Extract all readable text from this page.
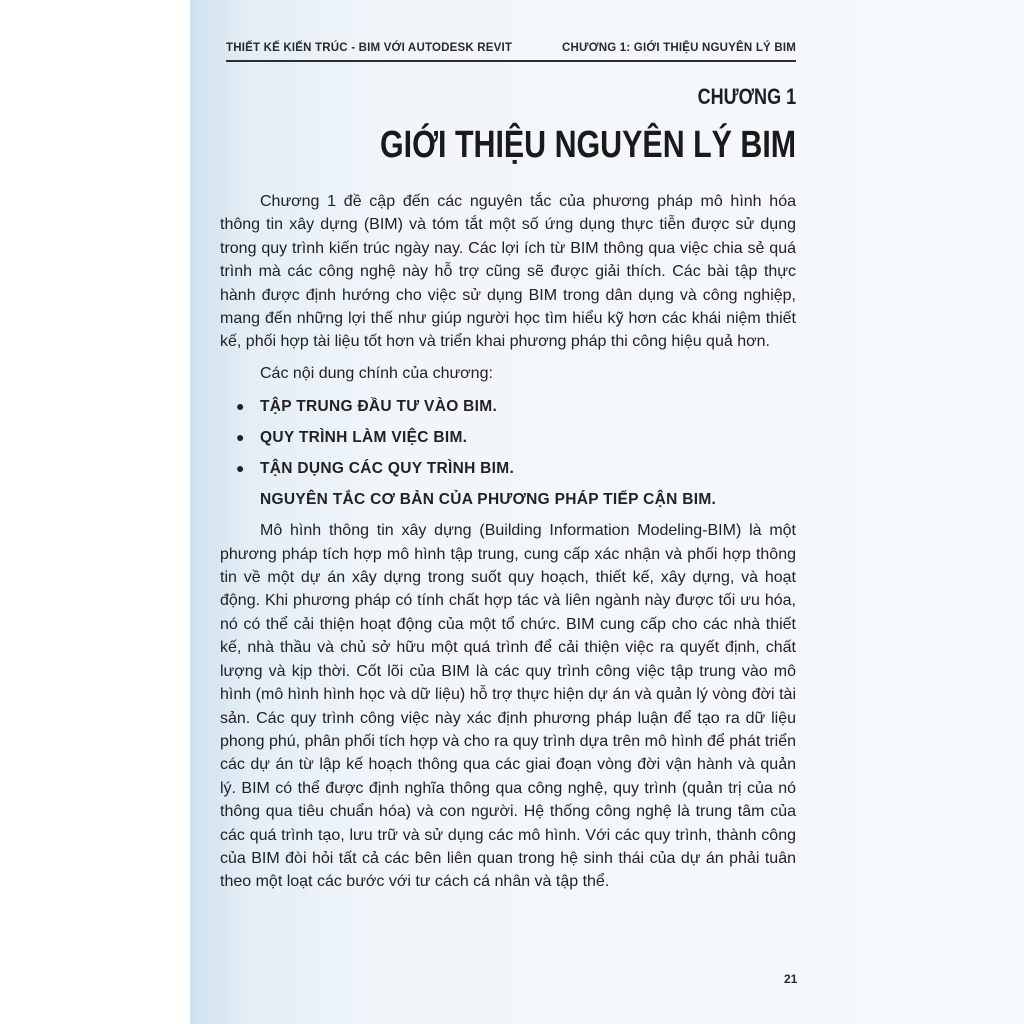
THIẾT KẾ KIẾN TRÚC - BIM VỚI AUTODESK REVIT	CHƯƠNG 1: GIỚI THIỆU NGUYÊN LÝ BIM
CHƯƠNG 1
GIỚI THIỆU NGUYÊN LÝ BIM

Chương 1 đề cập đến các nguyên tắc của phương pháp mô hình hóa thông tin xây dựng (BIM) và tóm tắt một số ứng dụng thực tiễn được sử dụng trong quy trình kiến trúc ngày nay. Các lợi ích từ BIM thông qua việc chia sẻ quá trình mà các công nghệ này hỗ trợ cũng sẽ được giải thích. Các bài tập thực hành được định hướng cho việc sử dụng BIM trong dân dụng và công nghiệp, mang đến những lợi thế như giúp người học tìm hiểu kỹ hơn các khái niệm thiết kế, phối hợp tài liệu tốt hơn và triển khai phương pháp thi công hiệu quả hơn.

Các nội dung chính của chương:

● TẬP TRUNG ĐẦU TƯ VÀO BIM.
● QUY TRÌNH LÀM VIỆC BIM.
● TẬN DỤNG CÁC QUY TRÌNH BIM.
NGUYÊN TẮC CƠ BẢN CỦA PHƯƠNG PHÁP TIẾP CẬN BIM.

Mô hình thông tin xây dựng (Building Information Modeling-BIM) là một phương pháp tích hợp mô hình tập trung, cung cấp xác nhận và phối hợp thông tin về một dự án xây dựng trong suốt quy hoạch, thiết kế, xây dựng, và hoạt động. Khi phương pháp có tính chất hợp tác và liên ngành này được tối ưu hóa, nó có thể cải thiện hoạt động của một tổ chức. BIM cung cấp cho các nhà thiết kế, nhà thầu và chủ sở hữu một quá trình để cải thiện việc ra quyết định, chất lượng và kịp thời. Cốt lõi của BIM là các quy trình công việc tập trung vào mô hình (mô hình hình học và dữ liệu) hỗ trợ thực hiện dự án và quản lý vòng đời tài sản. Các quy trình công việc này xác định phương pháp luận để tạo ra dữ liệu phong phú, phân phối tích hợp và cho ra quy trình dựa trên mô hình để phát triển các dự án từ lập kế hoạch thông qua các giai đoạn vòng đời vận hành và quản lý. BIM có thể được định nghĩa thông qua công nghệ, quy trình (quản trị của nó thông qua tiêu chuẩn hóa) và con người. Hệ thống công nghệ là trung tâm của các quá trình tạo, lưu trữ và sử dụng các mô hình. Với các quy trình, thành công của BIM đòi hỏi tất cả các bên liên quan trong hệ sinh thái của dự án phải tuân theo một loạt các bước với tư cách cá nhân và tập thể.

21
